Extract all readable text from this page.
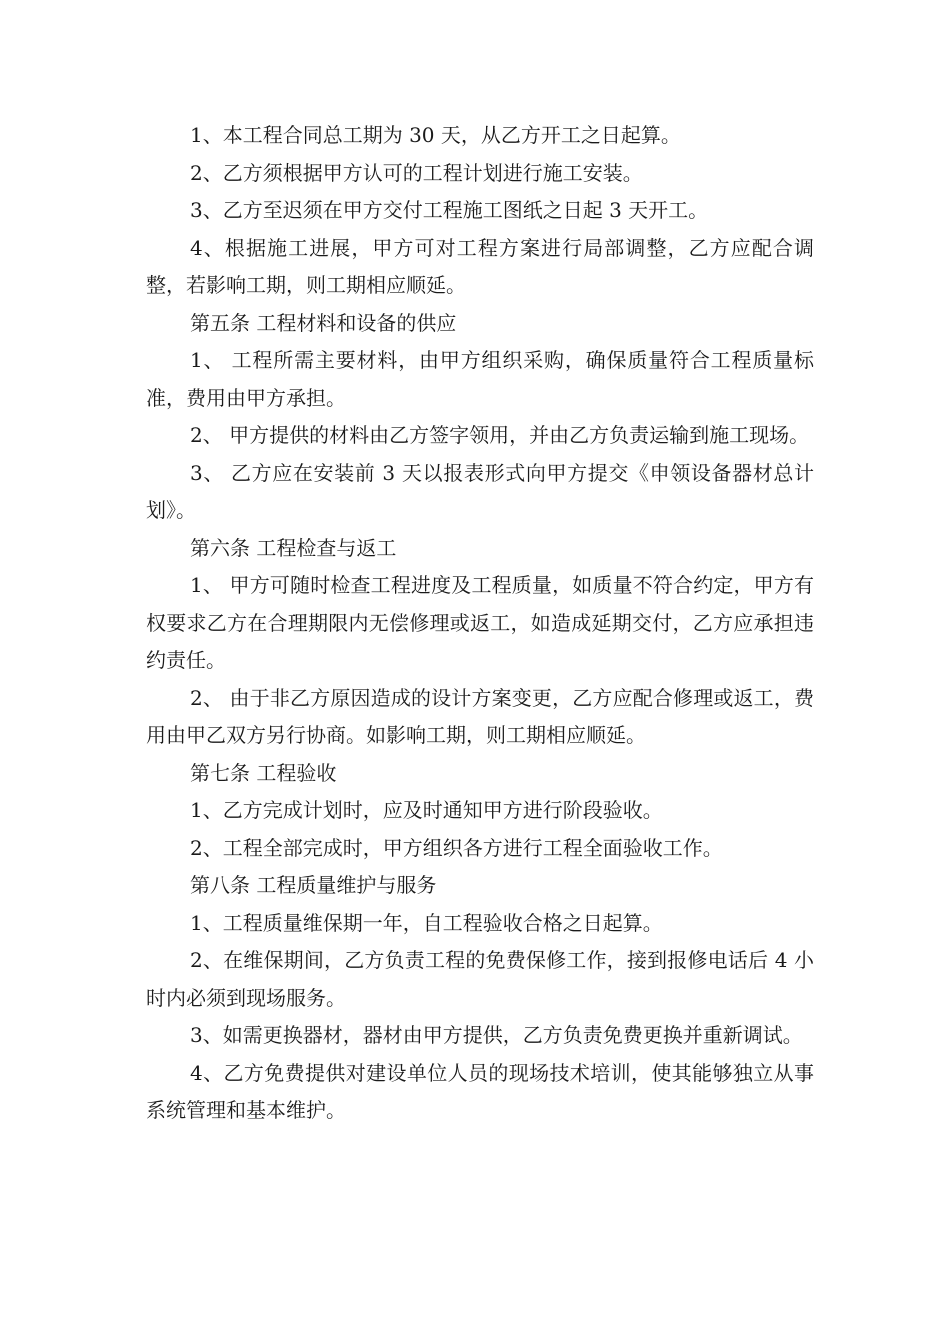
1、本工程合同总工期为 30 天，从乙方开工之日起算。

2、乙方须根据甲方认可的工程计划进行施工安装。

3、乙方至迟须在甲方交付工程施工图纸之日起 3 天开工。

4、根据施工进展，甲方可对工程方案进行局部调整，乙方应配合调整，若影响工期，则工期相应顺延。

第五条 工程材料和设备的供应

1、 工程所需主要材料，由甲方组织采购，确保质量符合工程质量标准，费用由甲方承担。

2、 甲方提供的材料由乙方签字领用，并由乙方负责运输到施工现场。

3、 乙方应在安装前 3 天以报表形式向甲方提交《申领设备器材总计划》。

第六条 工程检查与返工

1、 甲方可随时检查工程进度及工程质量，如质量不符合约定，甲方有权要求乙方在合理期限内无偿修理或返工，如造成延期交付，乙方应承担违约责任。

2、 由于非乙方原因造成的设计方案变更，乙方应配合修理或返工，费用由甲乙双方另行协商。如影响工期，则工期相应顺延。

第七条 工程验收

1、乙方完成计划时，应及时通知甲方进行阶段验收。

2、工程全部完成时，甲方组织各方进行工程全面验收工作。

第八条 工程质量维护与服务

1、工程质量维保期一年，自工程验收合格之日起算。

2、在维保期间，乙方负责工程的免费保修工作，接到报修电话后 4 小时内必须到现场服务。

3、如需更换器材，器材由甲方提供，乙方负责免费更换并重新调试。

4、乙方免费提供对建设单位人员的现场技术培训，使其能够独立从事系统管理和基本维护。
